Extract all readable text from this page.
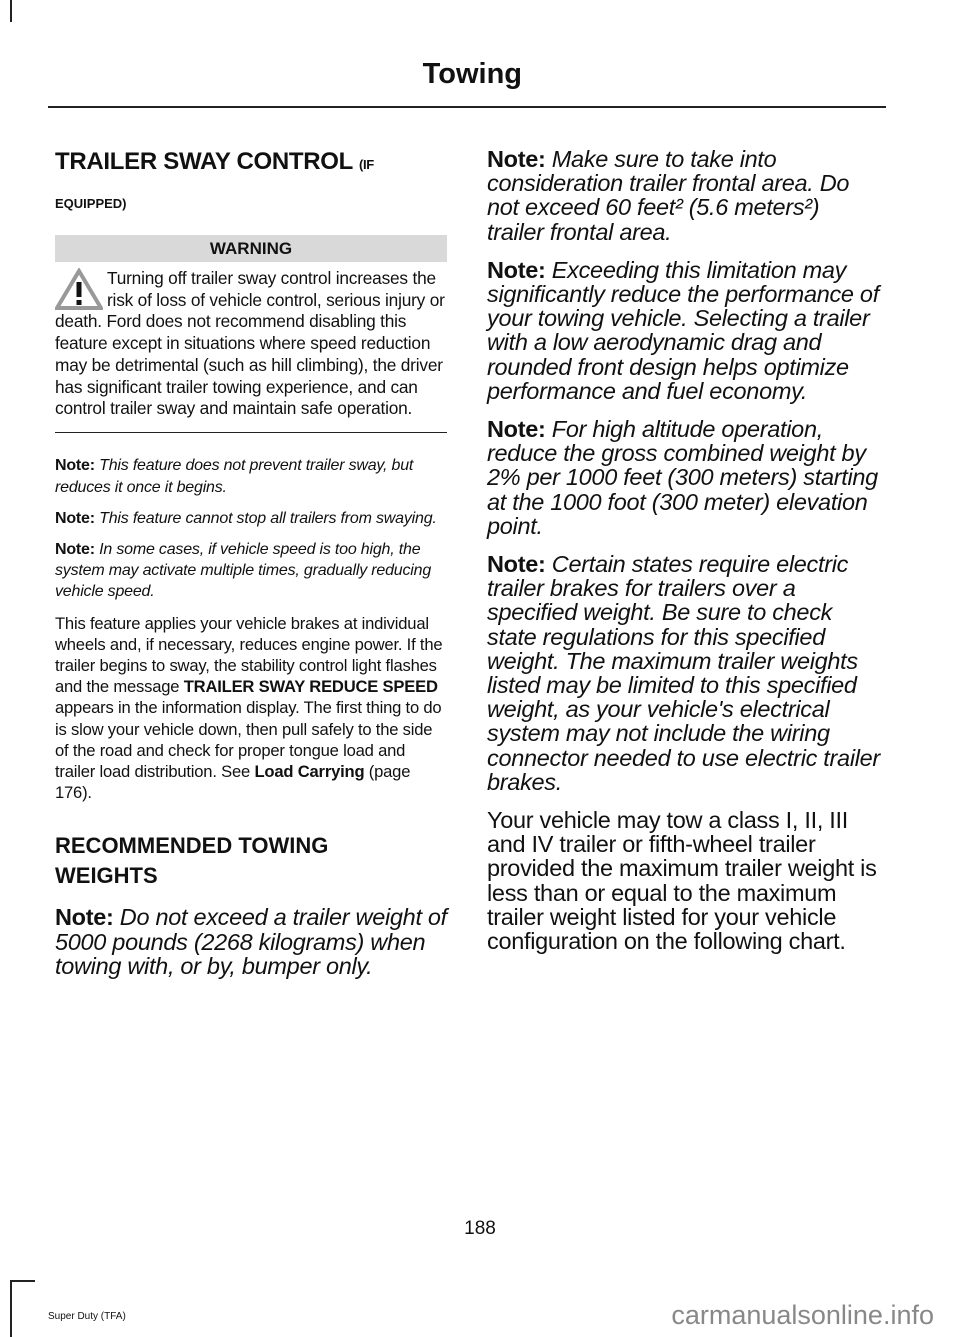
Towing
TRAILER SWAY CONTROL (IF
EQUIPPED)
WARNING
Turning off trailer sway control increases the risk of loss of vehicle control, serious injury or death. Ford does not recommend disabling this feature except in situations where speed reduction may be detrimental (such as hill climbing), the driver has significant trailer towing experience, and can control trailer sway and maintain safe operation.
Note: This feature does not prevent trailer sway, but reduces it once it begins.
Note: This feature cannot stop all trailers from swaying.
Note: In some cases, if vehicle speed is too high, the system may activate multiple times, gradually reducing vehicle speed.
This feature applies your vehicle brakes at individual wheels and, if necessary, reduces engine power. If the trailer begins to sway, the stability control light flashes and the message TRAILER SWAY REDUCE SPEED appears in the information display. The first thing to do is slow your vehicle down, then pull safely to the side of the road and check for proper tongue load and trailer load distribution. See Load Carrying (page 176).
RECOMMENDED TOWING
WEIGHTS
Note: Do not exceed a trailer weight of 5000 pounds (2268 kilograms) when towing with, or by, bumper only.
Note: Make sure to take into consideration trailer frontal area. Do not exceed 60 feet² (5.6 meters²) trailer frontal area.
Note: Exceeding this limitation may significantly reduce the performance of your towing vehicle. Selecting a trailer with a low aerodynamic drag and rounded front design helps optimize performance and fuel economy.
Note: For high altitude operation, reduce the gross combined weight by 2% per 1000 feet (300 meters) starting at the 1000 foot (300 meter) elevation point.
Note: Certain states require electric trailer brakes for trailers over a specified weight. Be sure to check state regulations for this specified weight. The maximum trailer weights listed may be limited to this specified weight, as your vehicle's electrical system may not include the wiring connector needed to use electric trailer brakes.
Your vehicle may tow a class I, II, III and IV trailer or fifth-wheel trailer provided the maximum trailer weight is less than or equal to the maximum trailer weight listed for your vehicle configuration on the following chart.
188
Super Duty (TFA)	carmanualsonline.info
